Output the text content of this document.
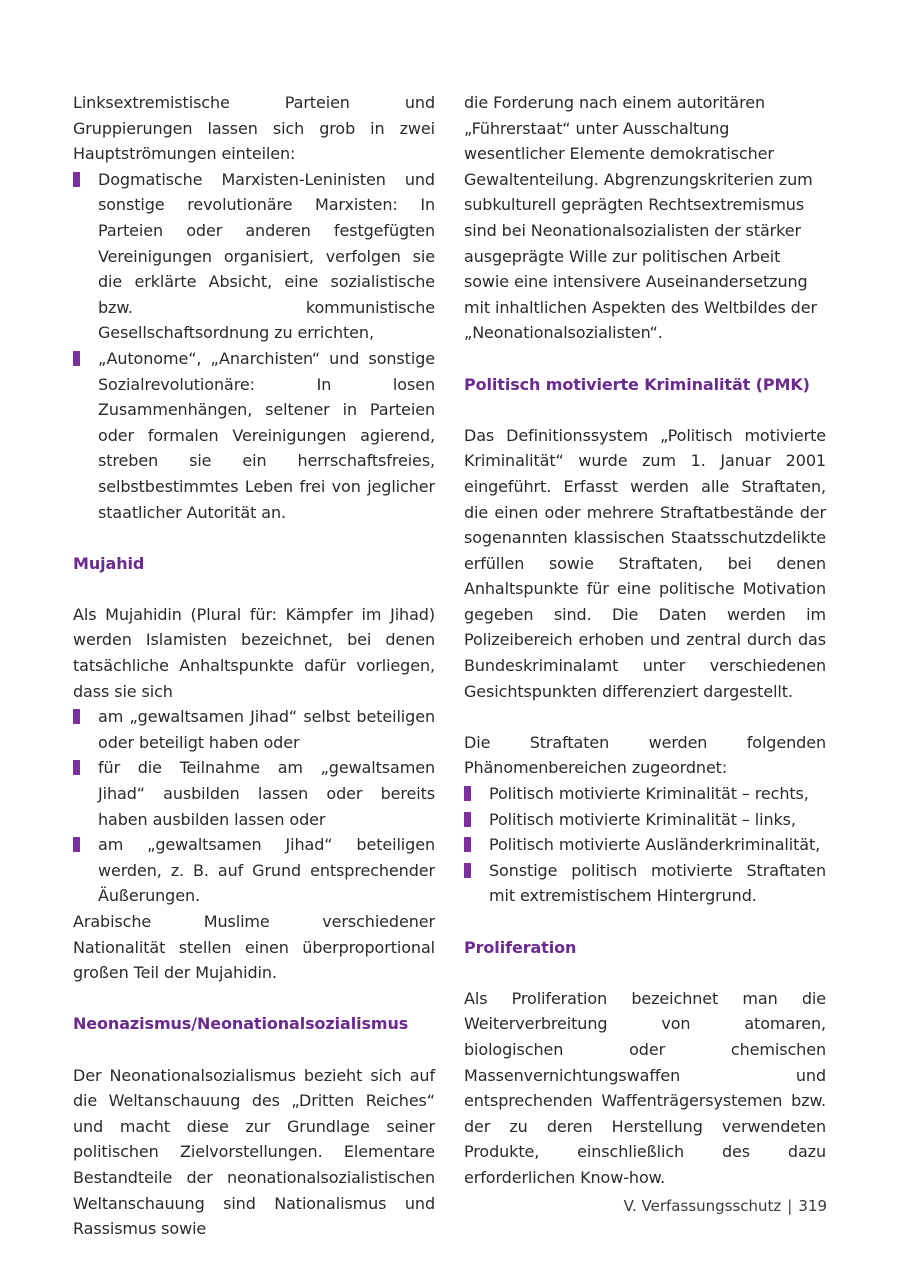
Linksextremistische Parteien und Gruppierungen lassen sich grob in zwei Hauptströmungen einteilen:

Dogmatische Marxisten-Leninisten und sonstige revolutionäre Marxisten: In Parteien oder anderen festgefügten Vereinigungen organisiert, verfolgen sie die erklärte Absicht, eine sozialistische bzw. kommunistische Gesellschaftsordnung zu errichten,
„Autonome“, „Anarchisten“ und sonstige Sozialrevolutionäre: In losen Zusammenhängen, seltener in Parteien oder formalen Vereinigungen agierend, streben sie ein herrschaftsfreies, selbstbestimmtes Leben frei von jeglicher staatlicher Autorität an.
Mujahid

Als Mujahidin (Plural für: Kämpfer im Jihad) werden Islamisten bezeichnet, bei denen tatsächliche Anhaltspunkte dafür vorliegen, dass sie sich

am „gewaltsamen Jihad“ selbst beteiligen oder beteiligt haben oder
für die Teilnahme am „gewaltsamen Jihad“ ausbilden lassen oder bereits haben ausbilden lassen oder
am „gewaltsamen Jihad“ beteiligen werden, z. B. auf Grund entsprechender Äußerungen.

Arabische Muslime verschiedener Nationalität stellen einen überproportional großen Teil der Mujahidin.

Neonazismus/Neonationalsozialismus

Der Neonationalsozialismus bezieht sich auf die Weltanschauung des „Dritten Reiches“ und macht diese zur Grundlage seiner politischen Zielvorstellungen. Elementare Bestandteile der neonationalsozialistischen Weltanschauung sind Nationalismus und Rassismus sowie

die Forderung nach einem autoritären „Führerstaat“ unter Ausschaltung wesentlicher Elemente demokratischer Gewaltenteilung. Abgrenzungskriterien zum subkulturell geprägten Rechtsextremismus sind bei Neonationalsozialisten der stärker ausgeprägte Wille zur politischen Arbeit sowie eine intensivere Auseinandersetzung mit inhaltlichen Aspekten des Weltbildes der „Neonationalsozialisten“.

Politisch motivierte Kriminalität (PMK)

Das Definitionssystem „Politisch motivierte Kriminalität“ wurde zum 1. Januar 2001 eingeführt. Erfasst werden alle Straftaten, die einen oder mehrere Straftatbestände der sogenannten klassischen Staatsschutzdelikte erfüllen sowie Straftaten, bei denen Anhaltspunkte für eine politische Motivation gegeben sind. Die Daten werden im Polizeibereich erhoben und zentral durch das Bundeskriminalamt unter verschiedenen Gesichtspunkten differenziert dargestellt.

Die Straftaten werden folgenden Phänomenbereichen zugeordnet:

Politisch motivierte Kriminalität – rechts,
Politisch motivierte Kriminalität – links,
Politisch motivierte Ausländerkriminalität,
Sonstige politisch motivierte Straftaten mit extremistischem Hintergrund.
Proliferation

Als Proliferation bezeichnet man die Weiterverbreitung von atomaren, biologischen oder chemischen Massenvernichtungswaffen und entsprechenden Waffenträgersystemen bzw. der zu deren Herstellung verwendeten Produkte, einschließlich des dazu erforderlichen Know-how.

V. Verfassungsschutz | 319
